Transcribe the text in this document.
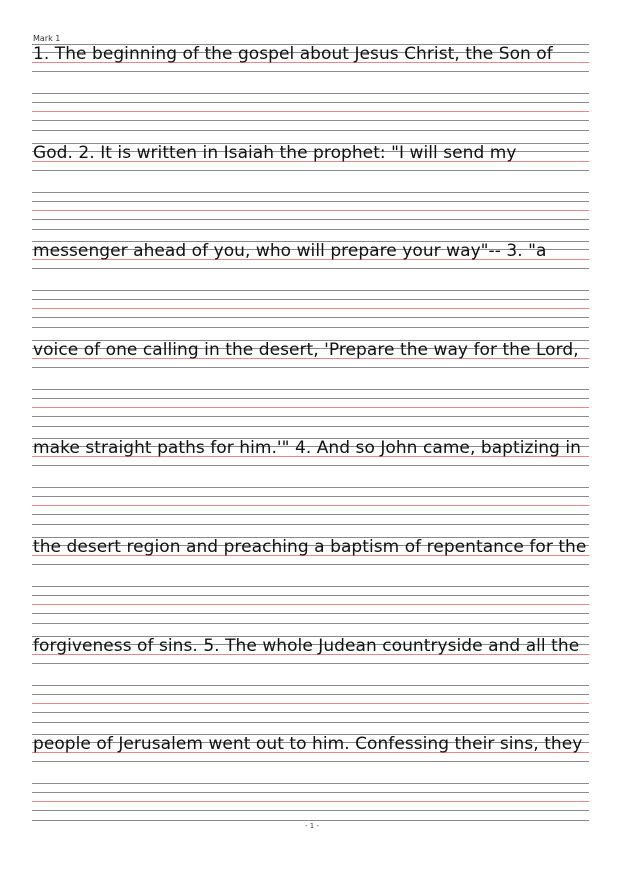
Mark 1
1. The beginning of the gospel about Jesus Christ, the Son of
God. 2. It is written in Isaiah the prophet: "I will send my
messenger ahead of you, who will prepare your way"-- 3. "a
voice of one calling in the desert, 'Prepare the way for the Lord,
make straight paths for him.'" 4. And so John came, baptizing in
the desert region and preaching a baptism of repentance for the
forgiveness of sins. 5. The whole Judean countryside and all the
people of Jerusalem went out to him. Confessing their sins, they
- 1 -
